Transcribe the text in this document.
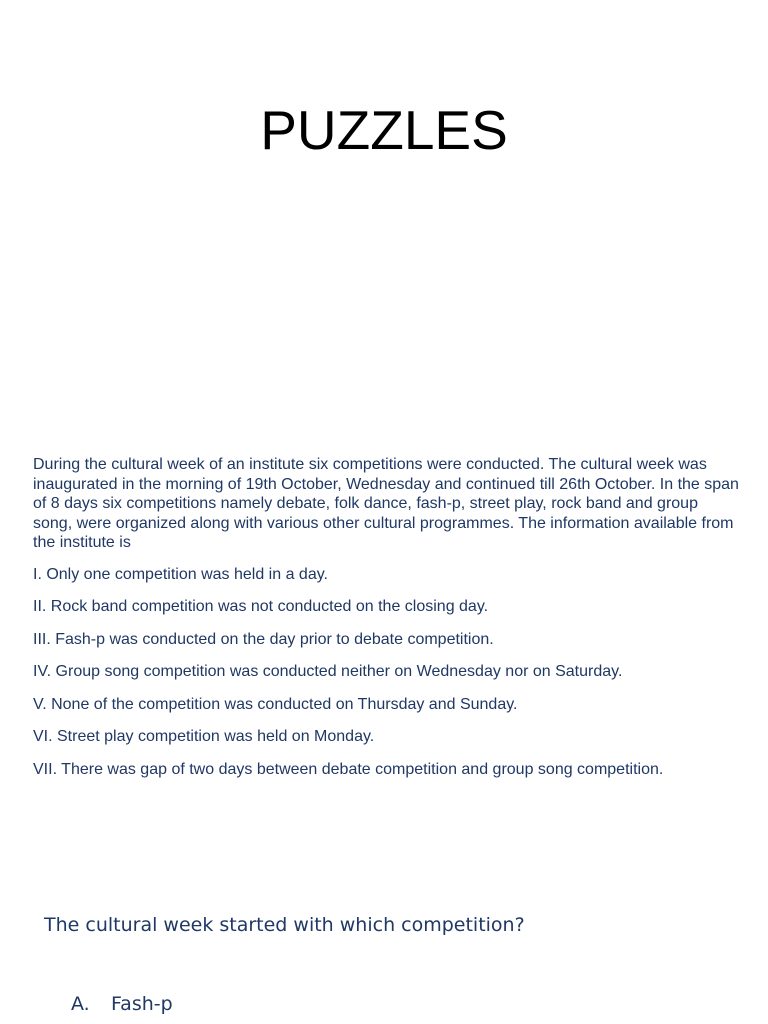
PUZZLES

During the cultural week of an institute six competitions were conducted. The cultural week was inaugurated in the morning of 19th October, Wednesday and continued till 26th October. In the span of 8 days six competitions namely debate, folk dance, fash-p, street play, rock band and group song, were organized along with various other cultural programmes. The information available from the institute is

I. Only one competition was held in a day.
II. Rock band competition was not conducted on the closing day.
III. Fash-p was conducted on the day prior to debate competition.
IV. Group song competition was conducted neither on Wednesday nor on Saturday.
V. None of the competition was conducted on Thursday and Sunday.
VI. Street play competition was held on Monday.
VII. There was gap of two days between debate competition and group song competition.

The cultural week started with which competition?

A. Fash-p
